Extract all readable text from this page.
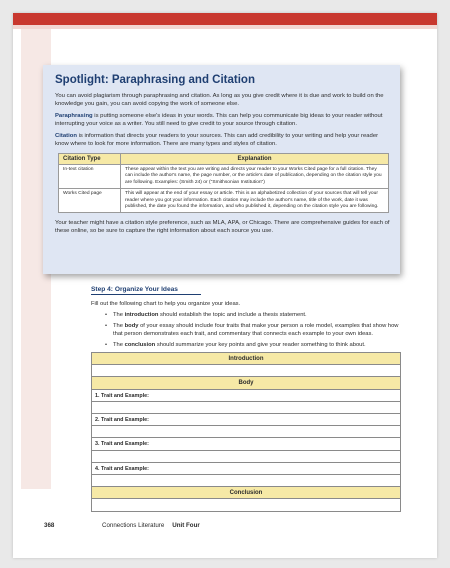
Spotlight: Paraphrasing and Citation

You can avoid plagiarism through paraphrasing and citation. As long as you give credit where it is due and work to build on the knowledge you gain, you can avoid copying the work of someone else.

Paraphrasing is putting someone else's ideas in your words. This can help you communicate big ideas to your reader without interrupting your voice as a writer. You still need to give credit to your source through citation.

Citation is information that directs your readers to your sources. This can add credibility to your writing and help your reader know where to look for more information. There are many types and styles of citation.

Citation Type	Explanation
In-text citation	These appear within the text you are writing and directs your reader to your Works Cited page for a full citation. They can include the author's name, the page number, or the article's date of publication, depending on the citation style you are following. Examples: (Smith 24) or ("Smithsonian Institution")
Works Cited page	This will appear at the end of your essay or article. This is an alphabetized collection of your sources that will tell your reader where you got your information. Each citation may include the author's name, title of the work, date it was published, the date you found the information, and who published it, depending on the citation style you are following.

Your teacher might have a citation style preference, such as MLA, APA, or Chicago. There are comprehensive guides for each of these online, so be sure to capture the right information about each source you use.

Step 4: Organize Your Ideas

Fill out the following chart to help you organize your ideas.

•	The introduction should establish the topic and include a thesis statement.
•	The body of your essay should include four traits that make your person a role model, examples that show how that person demonstrates each trait, and commentary that connects each example to your own ideas.
•	The conclusion should summarize your key points and give your reader something to think about.
Introduction
Body
1. Trait and Example:
2. Trait and Example:
3. Trait and Example:
4. Trait and Example:
Conclusion
368	Connections Literature Unit Four
